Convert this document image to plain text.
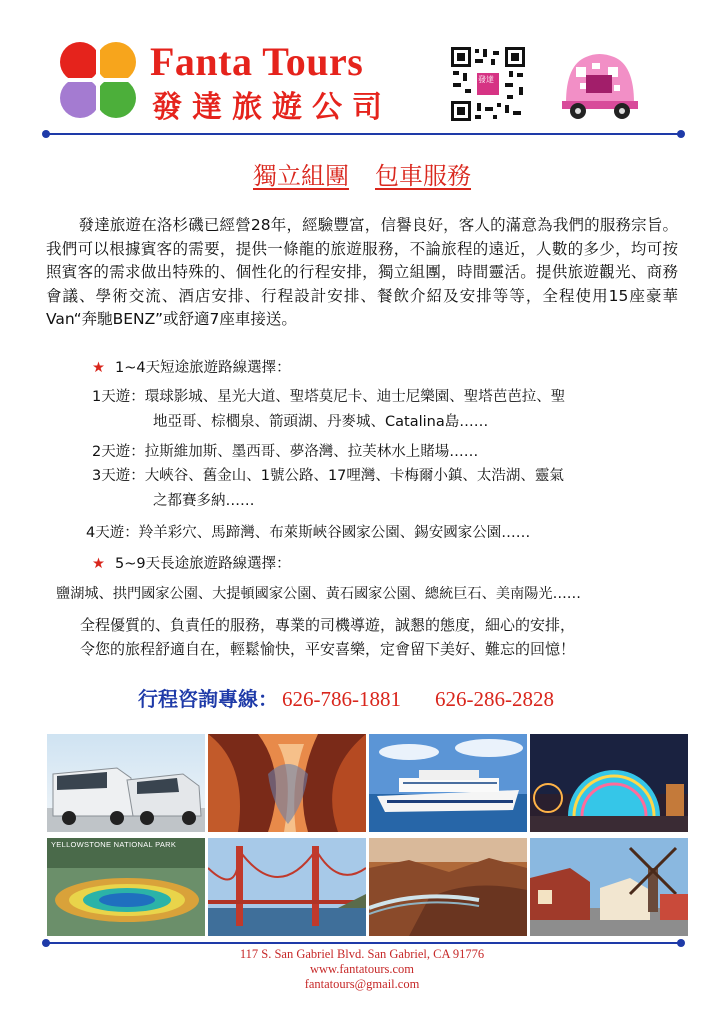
Fanta Tours
發達旅遊公司
發達
獨立組團 包車服務

發達旅遊在洛杉磯已經營28年，經驗豐富，信譽良好，客人的滿意為我們的服務宗旨。我們可以根據賓客的需要，提供一條龍的旅遊服務，不論旅程的遠近，人數的多少，均可按照賓客的需求做出特殊的、個性化的行程安排，獨立組團，時間靈活。提供旅遊觀光、商務會議、學術交流、酒店安排、行程設計安排、餐飲介紹及安排等等，全程使用15座豪華Van“奔馳BENZ”或舒適7座車接送。

★ 1~4天短途旅遊路線選擇：
1天遊：環球影城、星光大道、聖塔莫尼卡、迪士尼樂園、聖塔芭芭拉、聖
地亞哥、棕櫚泉、箭頭湖、丹麥城、Catalina島……
2天遊：拉斯維加斯、墨西哥、夢洛灣、拉芙林水上賭場……
3天遊：大峽谷、舊金山、1號公路、17哩灣、卡梅爾小鎮、太浩湖、靈氣
之都賽多納……
4天遊：羚羊彩穴、馬蹄灣、布萊斯峽谷國家公園、錫安國家公園……
★ 5~9天長途旅遊路線選擇：
鹽湖城、拱門國家公園、大提頓國家公園、黃石國家公園、總統巨石、美南陽光……
全程優質的、負責任的服務，專業的司機導遊，誠懇的態度，細心的安排，
令您的旅程舒適自在，輕鬆愉快，平安喜樂，定會留下美好、難忘的回憶！
行程咨詢專線： 626-786-1881 626-286-2828
YELLOWSTONE NATIONAL PARK
117 S. San Gabriel Blvd. San Gabriel, CA 91776
www.fantatours.com
fantatours@gmail.com
